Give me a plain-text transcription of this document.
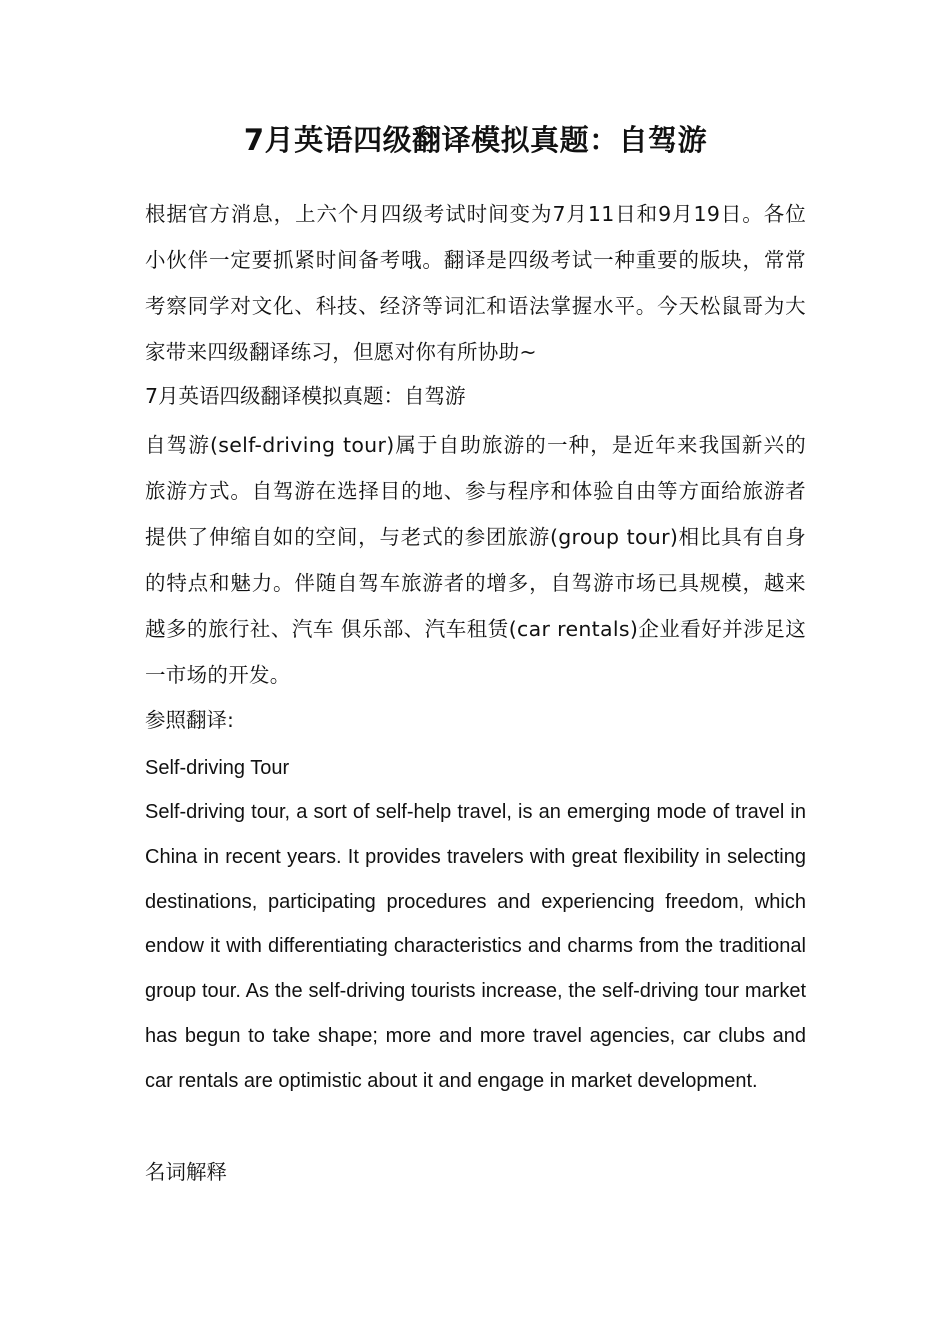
7月英语四级翻译模拟真题：自驾游

根据官方消息，上六个月四级考试时间变为7月11日和9月19日。各位小伙伴一定要抓紧时间备考哦。翻译是四级考试一种重要的版块，常常考察同学对文化、科技、经济等词汇和语法掌握水平。今天松鼠哥为大家带来四级翻译练习，但愿对你有所协助~

7月英语四级翻译模拟真题：自驾游

自驾游(self-driving tour)属于自助旅游的一种，是近年来我国新兴的旅游方式。自驾游在选择目的地、参与程序和体验自由等方面给旅游者提供了伸缩自如的空间，与老式的参团旅游(group tour)相比具有自身的特点和魅力。伴随自驾车旅游者的增多，自驾游市场已具规模，越来越多的旅行社、汽车 俱乐部、汽车租赁(car rentals)企业看好并涉足这一市场的开发。

参照翻译:

Self-driving Tour

Self-driving tour, a sort of self-help travel, is an emerging mode of travel in China in recent years. It provides travelers with great flexibility in selecting destinations, participating procedures and experiencing freedom, which endow it with differentiating characteristics and charms from the traditional group tour. As the self-driving tourists increase, the self-driving tour market has begun to take shape; more and more travel agencies, car clubs and car rentals are optimistic about it and engage in market development.

名词解释
